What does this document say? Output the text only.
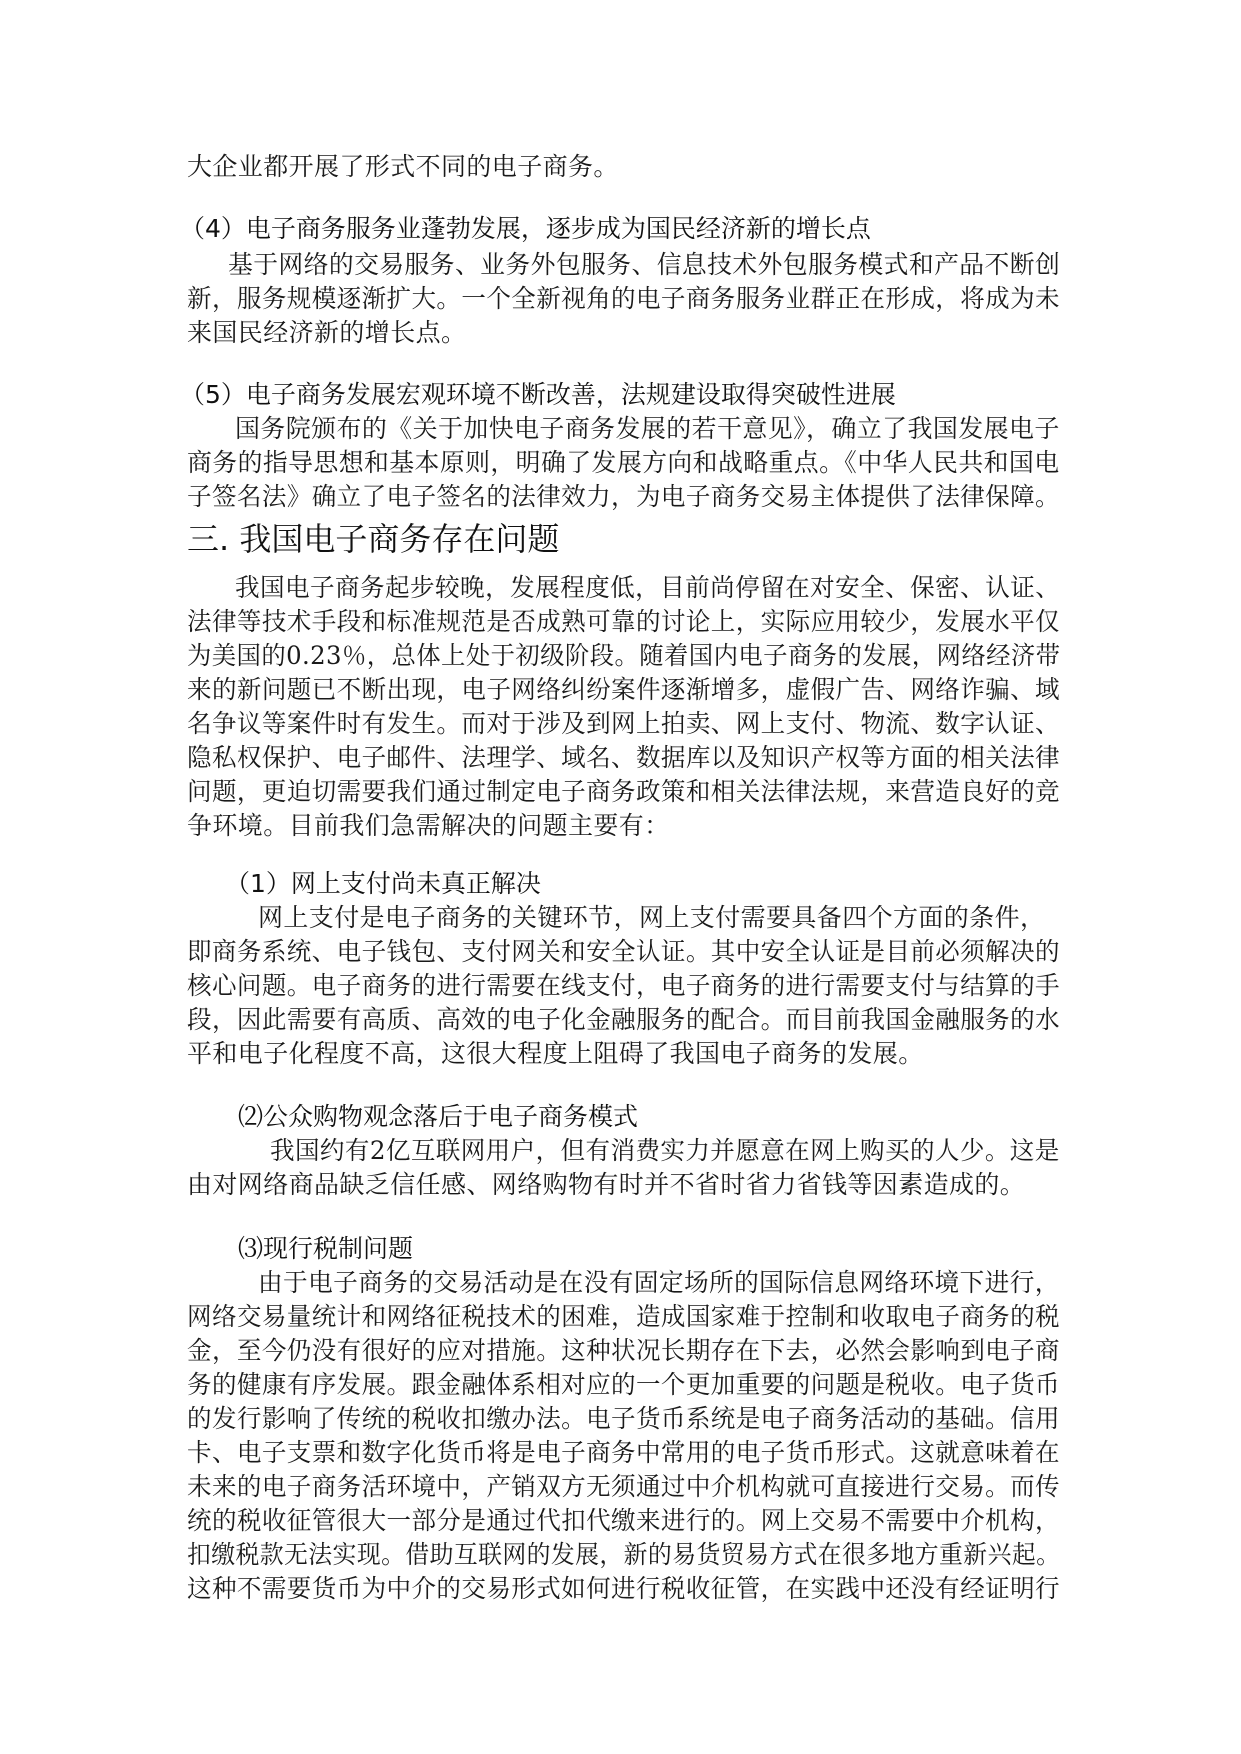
大企业都开展了形式不同的电子商务。

（4）电子商务服务业蓬勃发展，逐步成为国民经济新的增长点

基于网络的交易服务、业务外包服务、信息技术外包服务模式和产品不断创

新，服务规模逐渐扩大。一个全新视角的电子商务服务业群正在形成，将成为未

来国民经济新的增长点。

（5）电子商务发展宏观环境不断改善，法规建设取得突破性进展

国务院颁布的《关于加快电子商务发展的若干意见》，确立了我国发展电子

商务的指导思想和基本原则，明确了发展方向和战略重点。《中华人民共和国电

子签名法》确立了电子签名的法律效力，为电子商务交易主体提供了法律保障。

三. 我国电子商务存在问题

我国电子商务起步较晚，发展程度低，目前尚停留在对安全、保密、认证、

法律等技术手段和标准规范是否成熟可靠的讨论上，实际应用较少，发展水平仅

为美国的0.23％，总体上处于初级阶段。随着国内电子商务的发展，网络经济带

来的新问题已不断出现，电子网络纠纷案件逐渐增多，虚假广告、网络诈骗、域

名争议等案件时有发生。而对于涉及到网上拍卖、网上支付、物流、数字认证、

隐私权保护、电子邮件、法理学、域名、数据库以及知识产权等方面的相关法律

问题，更迫切需要我们通过制定电子商务政策和相关法律法规，来营造良好的竞

争环境。目前我们急需解决的问题主要有：

（1）网上支付尚未真正解决

网上支付是电子商务的关键环节，网上支付需要具备四个方面的条件，

即商务系统、电子钱包、支付网关和安全认证。其中安全认证是目前必须解决的

核心问题。电子商务的进行需要在线支付，电子商务的进行需要支付与结算的手

段，因此需要有高质、高效的电子化金融服务的配合。而目前我国金融服务的水

平和电子化程度不高，这很大程度上阻碍了我国电子商务的发展。

⑵公众购物观念落后于电子商务模式

我国约有2亿互联网用户，但有消费实力并愿意在网上购买的人少。这是

由对网络商品缺乏信任感、网络购物有时并不省时省力省钱等因素造成的。

⑶现行税制问题

由于电子商务的交易活动是在没有固定场所的国际信息网络环境下进行，

网络交易量统计和网络征税技术的困难，造成国家难于控制和收取电子商务的税

金，至今仍没有很好的应对措施。这种状况长期存在下去，必然会影响到电子商

务的健康有序发展。跟金融体系相对应的一个更加重要的问题是税收。电子货币

的发行影响了传统的税收扣缴办法。电子货币系统是电子商务活动的基础。信用

卡、电子支票和数字化货币将是电子商务中常用的电子货币形式。这就意味着在

未来的电子商务活环境中，产销双方无须通过中介机构就可直接进行交易。而传

统的税收征管很大一部分是通过代扣代缴来进行的。网上交易不需要中介机构，

扣缴税款无法实现。借助互联网的发展，新的易货贸易方式在很多地方重新兴起。

这种不需要货币为中介的交易形式如何进行税收征管，在实践中还没有经证明行
